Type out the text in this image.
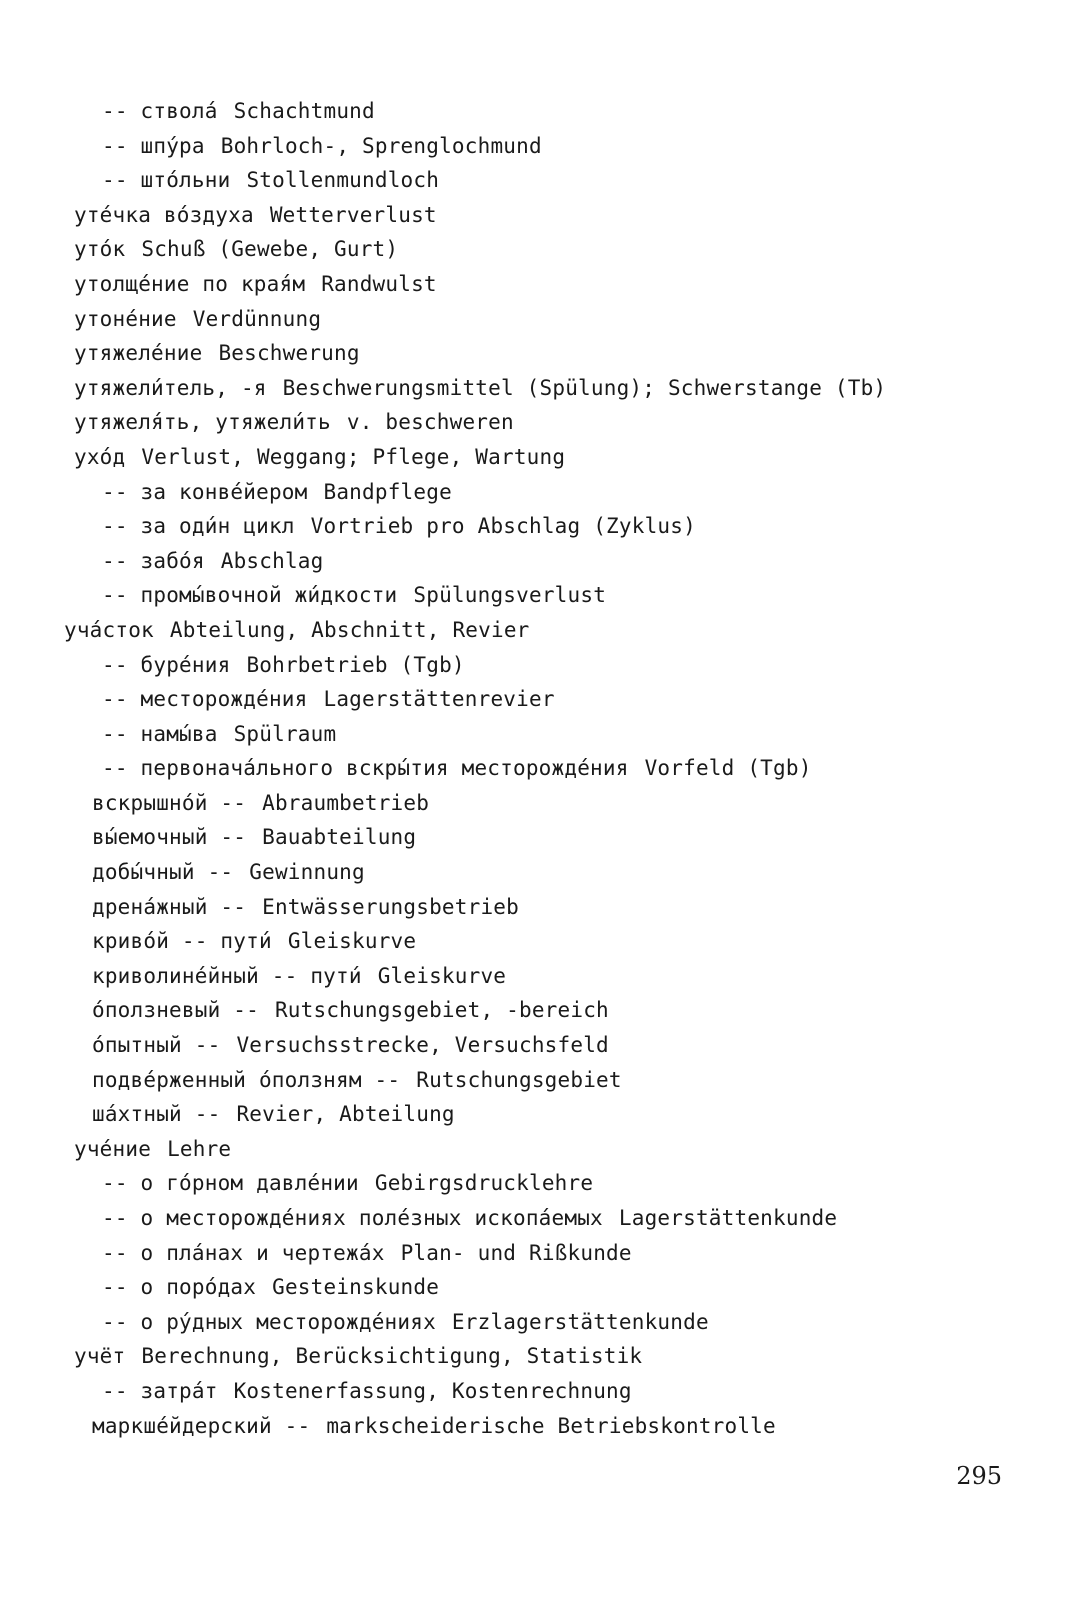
-- ствола́ Schachtmund
-- шпу́ра Bohrloch-, Sprenglochmund
-- што́льни Stollenmundloch
уте́чка во́здуха Wetterverlust
уто́к Schuß (Gewebe, Gurt)
утолще́ние по края́м Randwulst
утоне́ние Verdünnung
утяжеле́ние Beschwerung
утяжели́тель, -я Beschwerungsmittel (Spülung); Schwerstange (Tb)
утяжеля́ть, утяжели́ть v. beschweren
ухо́д Verlust, Weggang; Pflege, Wartung
-- за конве́йером Bandpflege
-- за оди́н цикл Vortrieb pro Abschlag (Zyklus)
-- забо́я Abschlag
-- промы́вочной жи́дкости Spülungsverlust
уча́сток Abteilung, Abschnitt, Revier
-- буре́ния Bohrbetrieb (Tgb)
-- месторожде́ния Lagerstättenrevier
-- намы́ва Spülraum
-- первонача́льного вскры́тия месторожде́ния Vorfeld (Tgb)
вскрышно́й -- Abraumbetrieb
вы́емочный -- Bauabteilung
добы́чный -- Gewinnung
дрена́жный -- Entwässerungsbetrieb
криво́й -- пути́ Gleiskurve
криволине́йный -- пути́ Gleiskurve
о́ползневый -- Rutschungsgebiet, -bereich
о́пытный -- Versuchsstrecke, Versuchsfeld
подве́рженный о́ползням -- Rutschungsgebiet
ша́хтный -- Revier, Abteilung
уче́ние Lehre
-- о го́рном давле́нии Gebirgsdrucklehre
-- о месторожде́ниях поле́зных ископа́емых Lagerstättenkunde
-- о пла́нах и чертежа́х Plan- und Rißkunde
-- о поро́дах Gesteinskunde
-- о ру́дных месторожде́ниях Erzlagerstättenkunde
учёт Berechnung, Berücksichtigung, Statistik
-- затра́т Kostenerfassung, Kostenrechnung
маркше́йдерский -- markscheiderische Betriebskontrolle
295
